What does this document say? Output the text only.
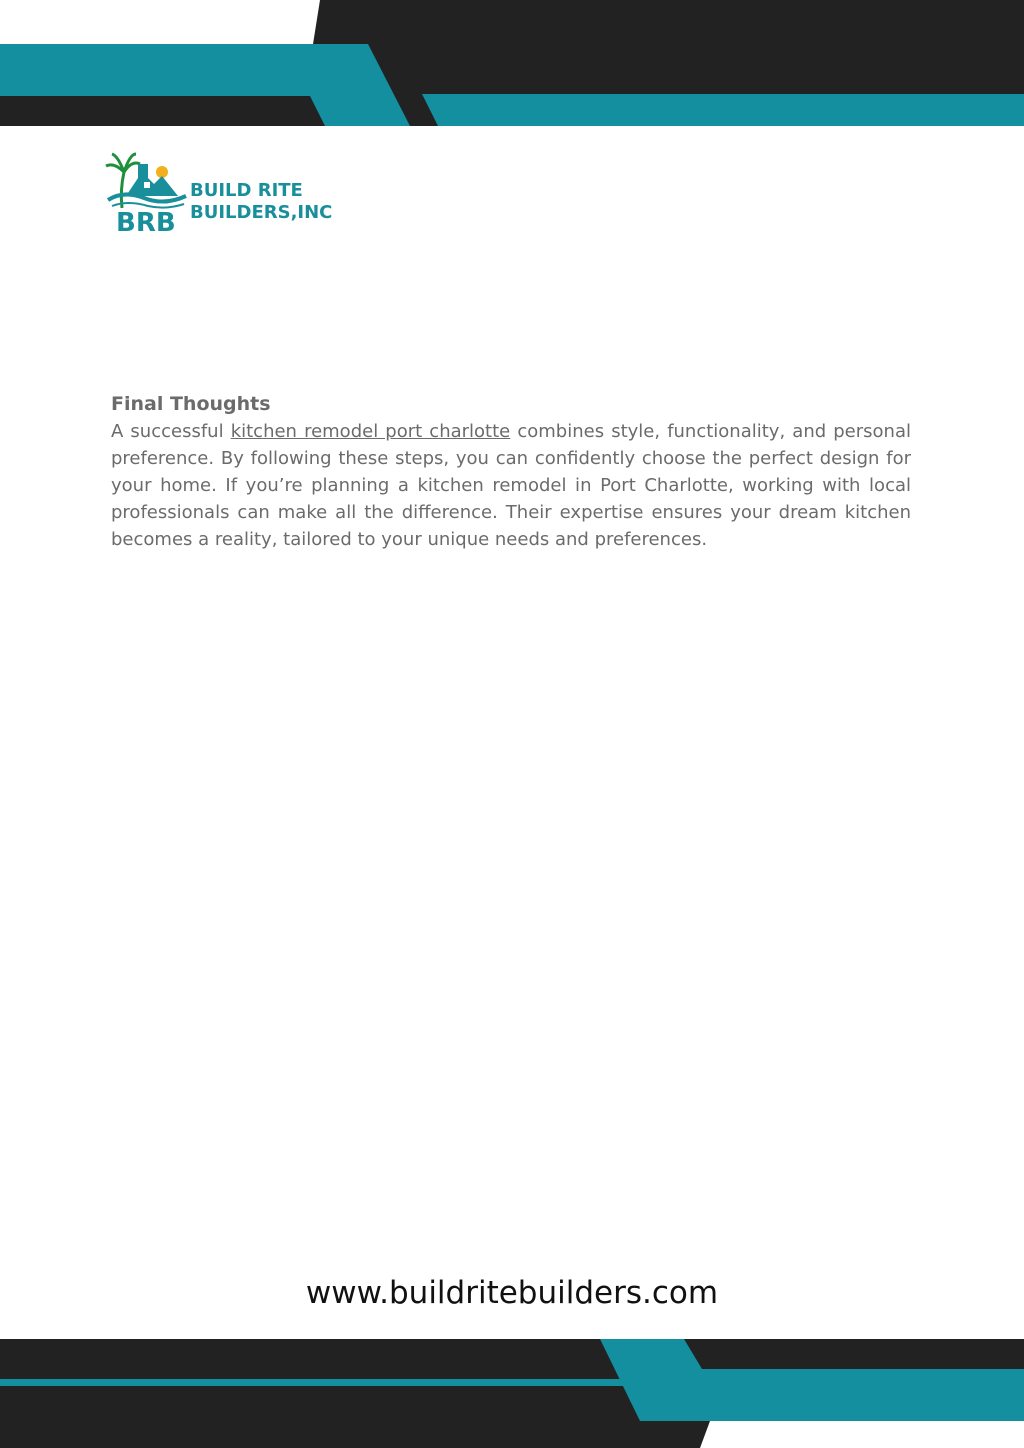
BRB
BUILD RITE
BUILDERS,INC
Final Thoughts

A successful kitchen remodel port charlotte combines style, functionality, and personal preference. By following these steps, you can confidently choose the perfect design for your home. If you’re planning a kitchen remodel in Port Charlotte, working with local professionals can make all the difference. Their expertise ensures your dream kitchen becomes a reality, tailored to your unique needs and preferences.

www.buildritebuilders.com
